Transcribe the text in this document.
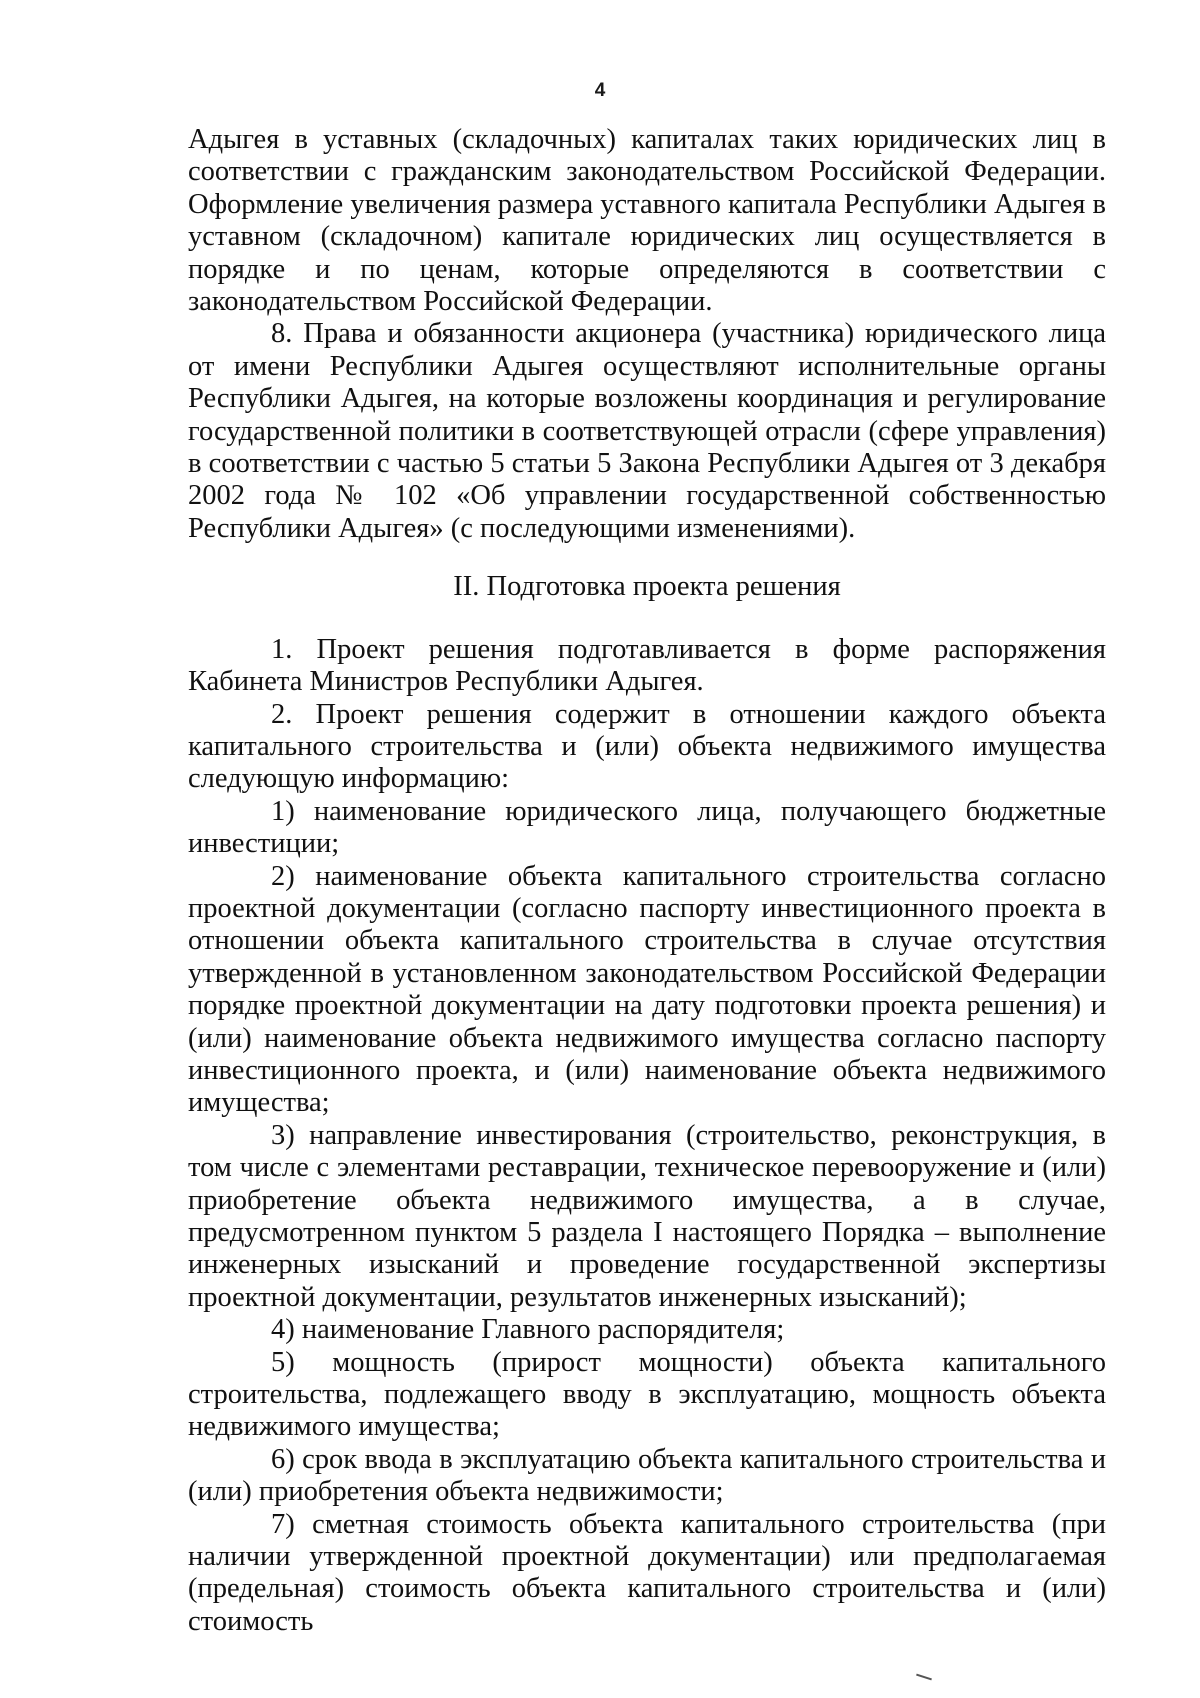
4

Адыгея в уставных (складочных) капиталах таких юридических лиц в соответствии с гражданским законодательством Российской Федерации. Оформление увеличения размера уставного капитала Республики Адыгея в уставном (складочном) капитале юридических лиц осуществляется в порядке и по ценам, которые определяются в соответствии с законодательством Российской Федерации.

8. Права и обязанности акционера (участника) юридического лица от имени Республики Адыгея осуществляют исполнительные органы Республики Адыгея, на которые возложены координация и регулирование государственной политики в соответствующей отрасли (сфере управления) в соответствии с частью 5 статьи 5 Закона Республики Адыгея от 3 декабря 2002 года № 102 «Об управлении государственной собственностью Республики Адыгея» (с последующими изменениями).

II. Подготовка проекта решения

1. Проект решения подготавливается в форме распоряжения Кабинета Министров Республики Адыгея.

2. Проект решения содержит в отношении каждого объекта капитального строительства и (или) объекта недвижимого имущества следующую информацию:

1) наименование юридического лица, получающего бюджетные инвестиции;

2) наименование объекта капитального строительства согласно проектной документации (согласно паспорту инвестиционного проекта в отношении объекта капитального строительства в случае отсутствия утвержденной в установленном законодательством Российской Федерации порядке проектной документации на дату подготовки проекта решения) и (или) наименование объекта недвижимого имущества согласно паспорту инвестиционного проекта, и (или) наименование объекта недвижимого имущества;

3) направление инвестирования (строительство, реконструкция, в том числе с элементами реставрации, техническое перевооружение и (или) приобретение объекта недвижимого имущества, а в случае, предусмотренном пунктом 5 раздела I настоящего Порядка – выполнение инженерных изысканий и проведение государственной экспертизы проектной документации, результатов инженерных изысканий);

4) наименование Главного распорядителя;

5) мощность (прирост мощности) объекта капитального строительства, подлежащего вводу в эксплуатацию, мощность объекта недвижимого имущества;

6) срок ввода в эксплуатацию объекта капитального строительства и (или) приобретения объекта недвижимости;

7) сметная стоимость объекта капитального строительства (при наличии утвержденной проектной документации) или предполагаемая (предельная) стоимость объекта капитального строительства и (или) стоимость
